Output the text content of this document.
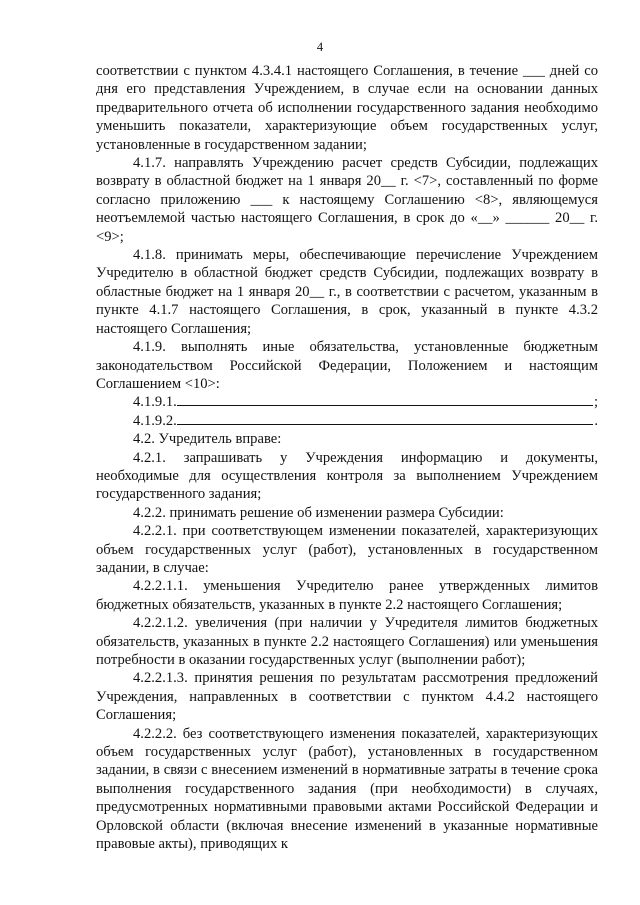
4

соответствии с пунктом 4.3.4.1 настоящего Соглашения, в течение ___ дней со дня его представления Учреждением, в случае если на основании данных предварительного отчета об исполнении государственного задания необходимо уменьшить показатели, характеризующие объем государственных услуг, установленные в государственном задании;

4.1.7. направлять Учреждению расчет средств Субсидии, подлежащих возврату в областной бюджет на 1 января 20__ г. <7>, составленный по форме согласно приложению ___ к настоящему Соглашению <8>, являющемуся неотъемлемой частью настоящего Соглашения, в срок до «__» ______ 20__ г. <9>;

4.1.8. принимать меры, обеспечивающие перечисление Учреждением Учредителю в областной бюджет средств Субсидии, подлежащих возврату в областные бюджет на 1 января 20__ г., в соответствии с расчетом, указанным в пункте 4.1.7 настоящего Соглашения, в срок, указанный в пункте 4.3.2 настоящего Соглашения;

4.1.9. выполнять иные обязательства, установленные бюджетным законодательством Российской Федерации, Положением и настоящим Соглашением <10>:

4.1.9.1.	;
4.1.9.2.	.

4.2. Учредитель вправе:

4.2.1. запрашивать у Учреждения информацию и документы, необходимые для осуществления контроля за выполнением Учреждением государственного задания;

4.2.2. принимать решение об изменении размера Субсидии:

4.2.2.1. при соответствующем изменении показателей, характеризующих объем государственных услуг (работ), установленных в государственном задании, в случае:

4.2.2.1.1. уменьшения Учредителю ранее утвержденных лимитов бюджетных обязательств, указанных в пункте 2.2 настоящего Соглашения;

4.2.2.1.2. увеличения (при наличии у Учредителя лимитов бюджетных обязательств, указанных в пункте 2.2 настоящего Соглашения) или уменьшения потребности в оказании государственных услуг (выполнении работ);

4.2.2.1.3. принятия решения по результатам рассмотрения предложений Учреждения, направленных в соответствии с пунктом 4.4.2 настоящего Соглашения;

4.2.2.2. без соответствующего изменения показателей, характеризующих объем государственных услуг (работ), установленных в государственном задании, в связи с внесением изменений в нормативные затраты в течение срока выполнения государственного задания (при необходимости) в случаях, предусмотренных нормативными правовыми актами Российской Федерации и Орловской области (включая внесение изменений в указанные нормативные правовые акты), приводящих к
